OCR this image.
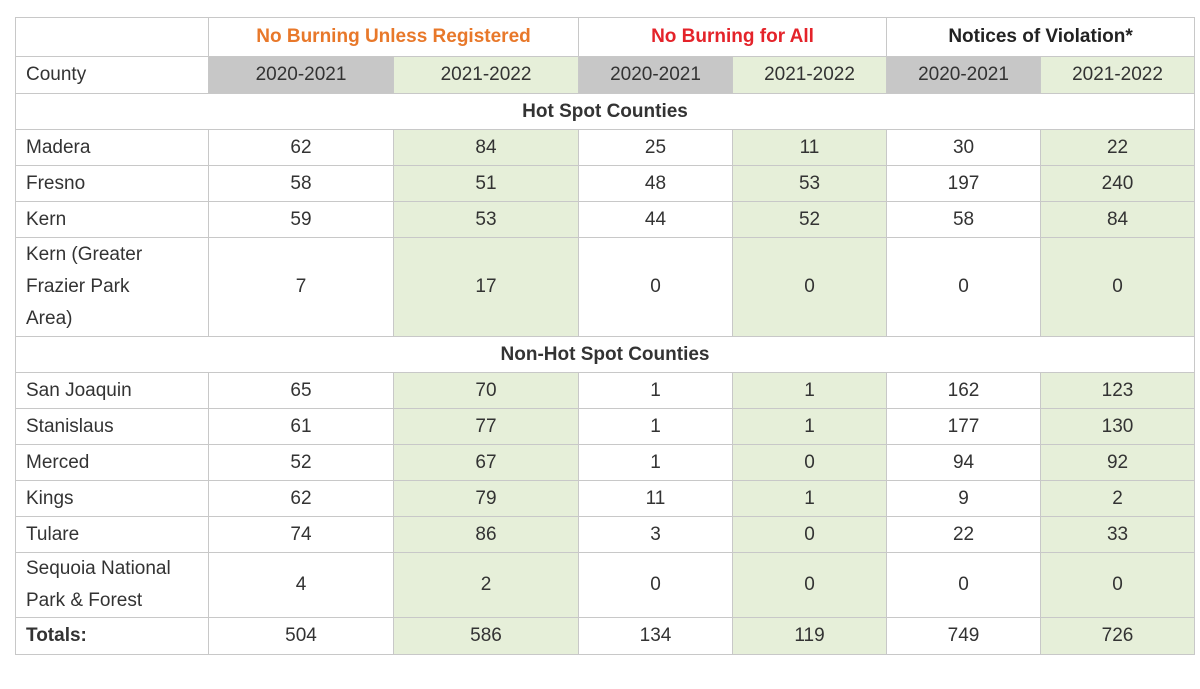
	No Burning Unless Registered		No Burning for All		Notices of Violation*	
County	2020-2021	2021-2022	2020-2021	2021-2022	2020-2021	2021-2022
Hot Spot Counties						
Madera	62	84	25	11	30	22
Fresno	58	51	48	53	197	240
Kern	59	53	44	52	58	84
Kern (Greater Frazier Park Area)	7	17	0	0	0	0
Non-Hot Spot Counties						
San Joaquin	65	70	1	1	162	123
Stanislaus	61	77	1	1	177	130
Merced	52	67	1	0	94	92
Kings	62	79	11	1	9	2
Tulare	74	86	3	0	22	33
Sequoia National Park & Forest	4	2	0	0	0	0
Totals:	504	586	134	119	749	726
